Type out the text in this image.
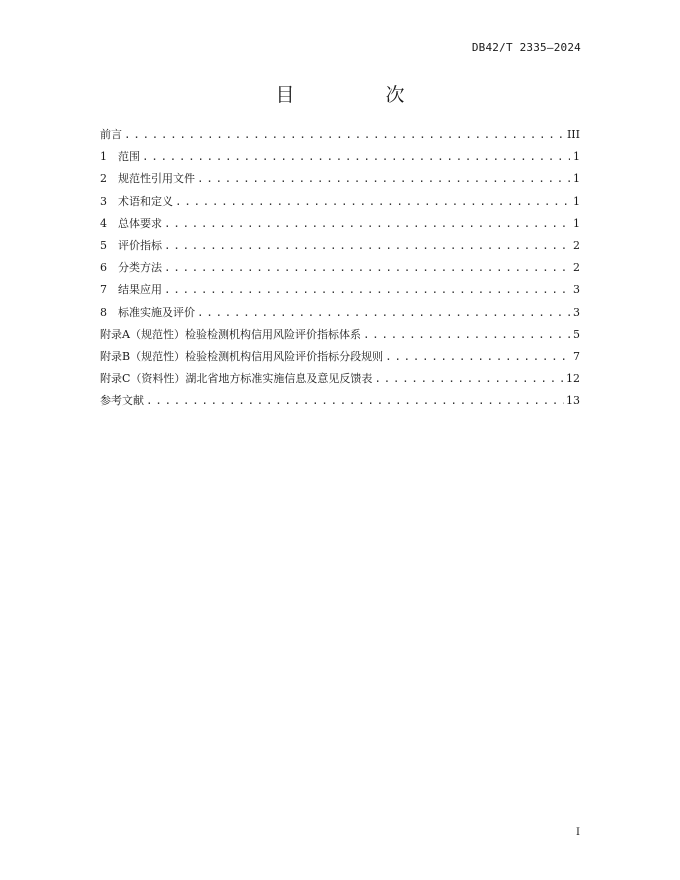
DB42/T 2335—2024
目　次
前言 .....	III
1　范围 .....	1
2　规范性引用文件 .....	1
3　术语和定义 .....	1
4　总体要求 .....	1
5　评价指标 .....	2
6　分类方法 .....	2
7　结果应用 .....	3
8　标准实施及评价 .....	3
附录A（规范性）检验检测机构信用风险评价指标体系 .....	5
附录B（规范性）检验检测机构信用风险评价指标分段规则 .....	7
附录C（资料性）湖北省地方标准实施信息及意见反馈表 .....	12
参考文献 .....	13
I
